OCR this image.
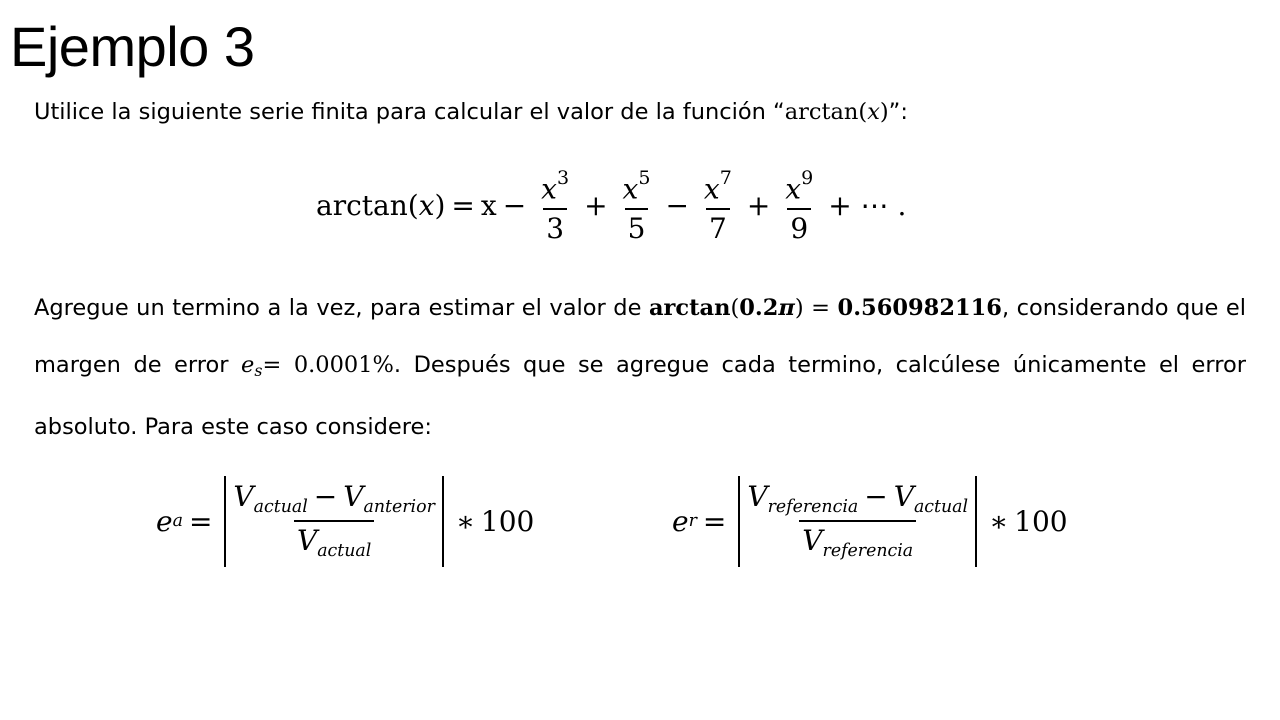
Ejemplo 3
Utilice la siguiente serie finita para calcular el valor de la función “arctan(x)”:
arctan ( x ) = $x - \frac{x^3}{3} + \frac{x^5}{5} - \frac{x^7}{7} + \frac{x^9}{9}$ + ⋯ .
Agregue un termino a la vez, para estimar el valor de arctan(0.2π) = 0.560982116, considerando que el margen de error $e_s= 0.0001\%$. Después que se agregue cada termino, calcúlese únicamente el error absoluto. Para este caso considere:
e $a = \frac{V_{actual} - V_{anterior}}{V_{actual}}$ ∗ 100	e $r = \frac{V_{referencia} - V_{actual}}{V_{referencia}}$ ∗ 100
